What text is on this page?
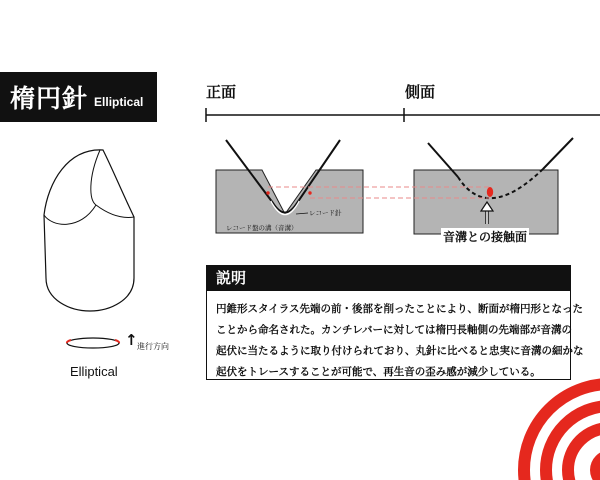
楕円針 Elliptical
正面	側面
レコード盤の溝（音溝）
レコード針
音溝との接触面
↑ 進行方向
Elliptical
説明
円錐形スタイラス先端の前・後部を削ったことにより、断面が楕円形となった
ことから命名された。カンチレバーに対しては楕円長軸側の先端部が音溝の
起伏に当たるように取り付けられており、丸針に比べると忠実に音溝の細かな
起伏をトレースすることが可能で、再生音の歪み感が減少している。
